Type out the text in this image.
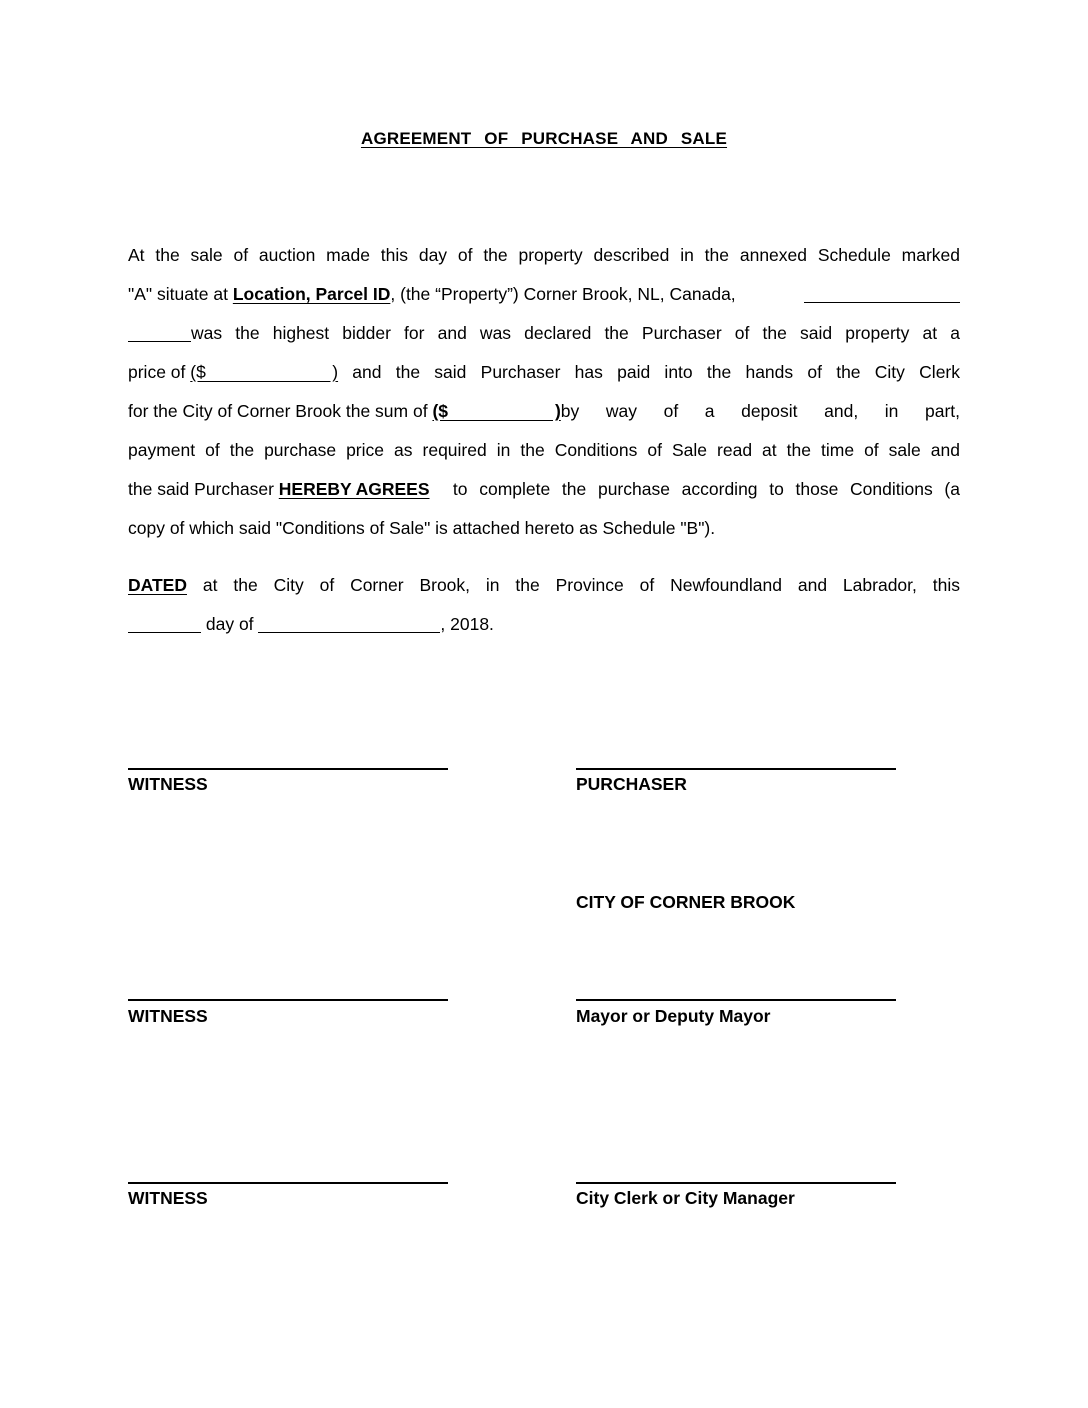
AGREEMENT OF PURCHASE AND SALE
At the sale of auction made this day of the property described in the annexed Schedule marked
"A" situate at Location, Parcel ID , (the “Property”) Corner Brook, NL, Canada,
was the highest bidder for and was declared the Purchaser of the said property at a
price of ($                          ) and the said Purchaser has paid into the hands of the City Clerk
for the City of Corner Brook the sum of ($                      ) by way of a deposit and, in part,
payment of the purchase price as required in the Conditions of Sale read at the time of sale and
the said Purchaser HEREBY AGREES to complete the purchase according to those Conditions (a
copy of which said "Conditions of Sale" is attached hereto as Schedule "B").
DATED at the City of Corner Brook, in the Province of Newfoundland and Labrador, this
day of	, 2018.
WITNESS	PURCHASER
CITY OF CORNER BROOK
WITNESS	Mayor or Deputy Mayor
WITNESS	City Clerk or City Manager
